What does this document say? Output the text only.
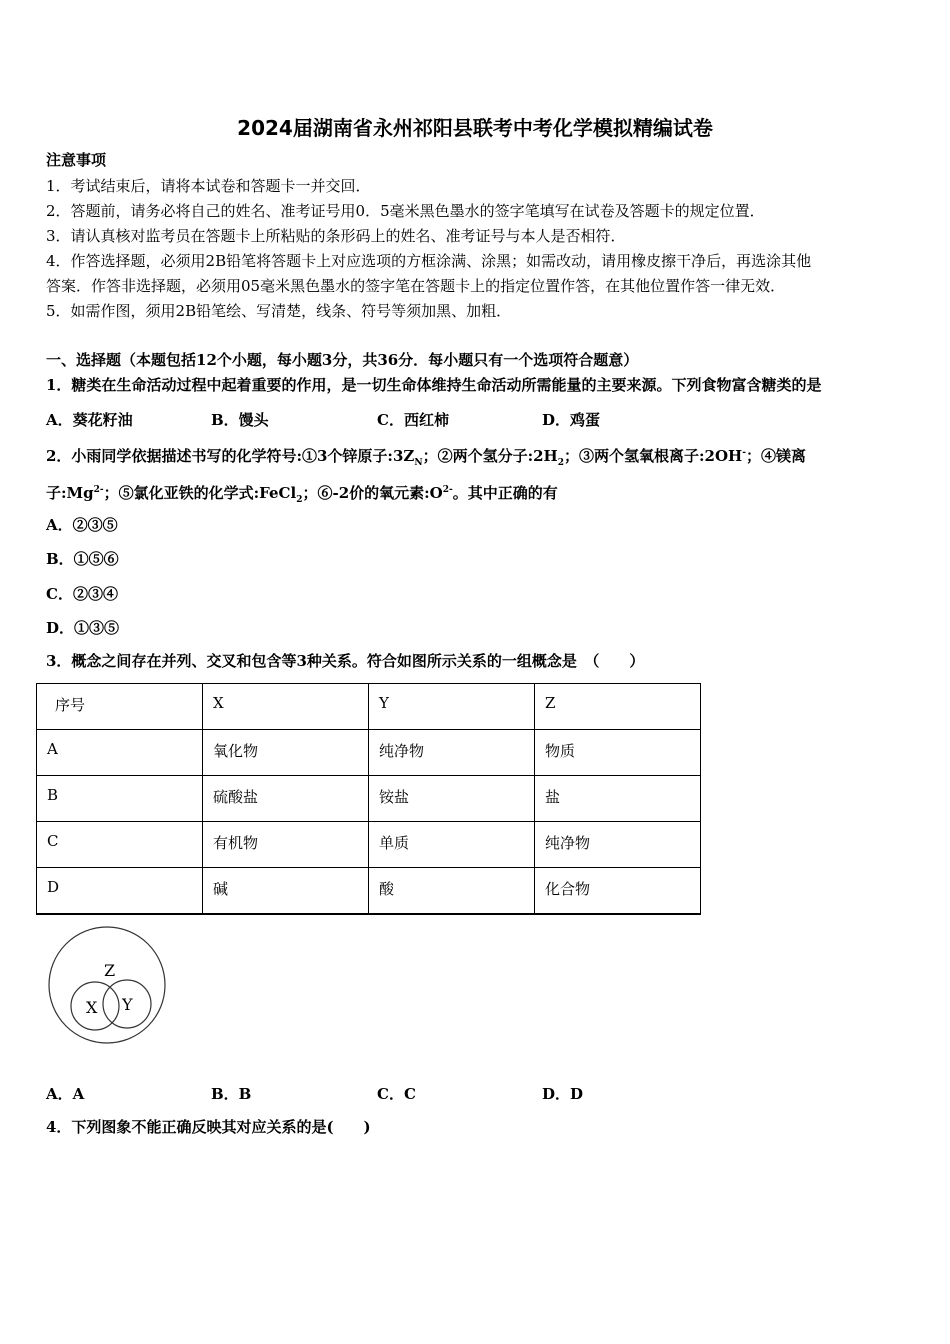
2024届湖南省永州祁阳县联考中考化学模拟精编试卷
注意事项
1．考试结束后，请将本试卷和答题卡一并交回．
2．答题前，请务必将自己的姓名、准考证号用0．5毫米黑色墨水的签字笔填写在试卷及答题卡的规定位置．
3．请认真核对监考员在答题卡上所粘贴的条形码上的姓名、准考证号与本人是否相符．
4．作答选择题，必须用2B铅笔将答题卡上对应选项的方框涂满、涂黑；如需改动，请用橡皮擦干净后，再选涂其他
答案．作答非选择题，必须用05毫米黑色墨水的签字笔在答题卡上的指定位置作答，在其他位置作答一律无效．
5．如需作图，须用2B铅笔绘、写清楚，线条、符号等须加黑、加粗．
一、选择题（本题包括12个小题，每小题3分，共36分．每小题只有一个选项符合题意）
1．糖类在生命活动过程中起着重要的作用，是一切生命体维持生命活动所需能量的主要来源。下列食物富含糖类的是
A．葵花籽油	B．馒头	C．西红柿	D．鸡蛋
2．小雨同学依据描述书写的化学符号:①3个锌原子$:3Z_N$；②两个氢分子$:2H_2$；③两个氢氧根离子:2OH-；④镁离
子$:Mg^{2-}$；⑤氯化亚铁的化学式:FeCl$_2$；⑥-2价的氧元素$:O^{2-}$。其中正确的有
A．②③⑤
B．①⑤⑥
C．②③④
D．①③⑤
3．概念之间存在并列、交叉和包含等3种关系。符合如图所示关系的一组概念是　（　　）
序号	X	Y	Z
A	氧化物	纯净物	物质
B	硫酸盐	铵盐	盐
C	有机物	单质	纯净物
D	碱	酸	化合物
Z
X Y
A．A	B．B	C．C	D．D
4．下列图象不能正确反映其对应关系的是(　　)
